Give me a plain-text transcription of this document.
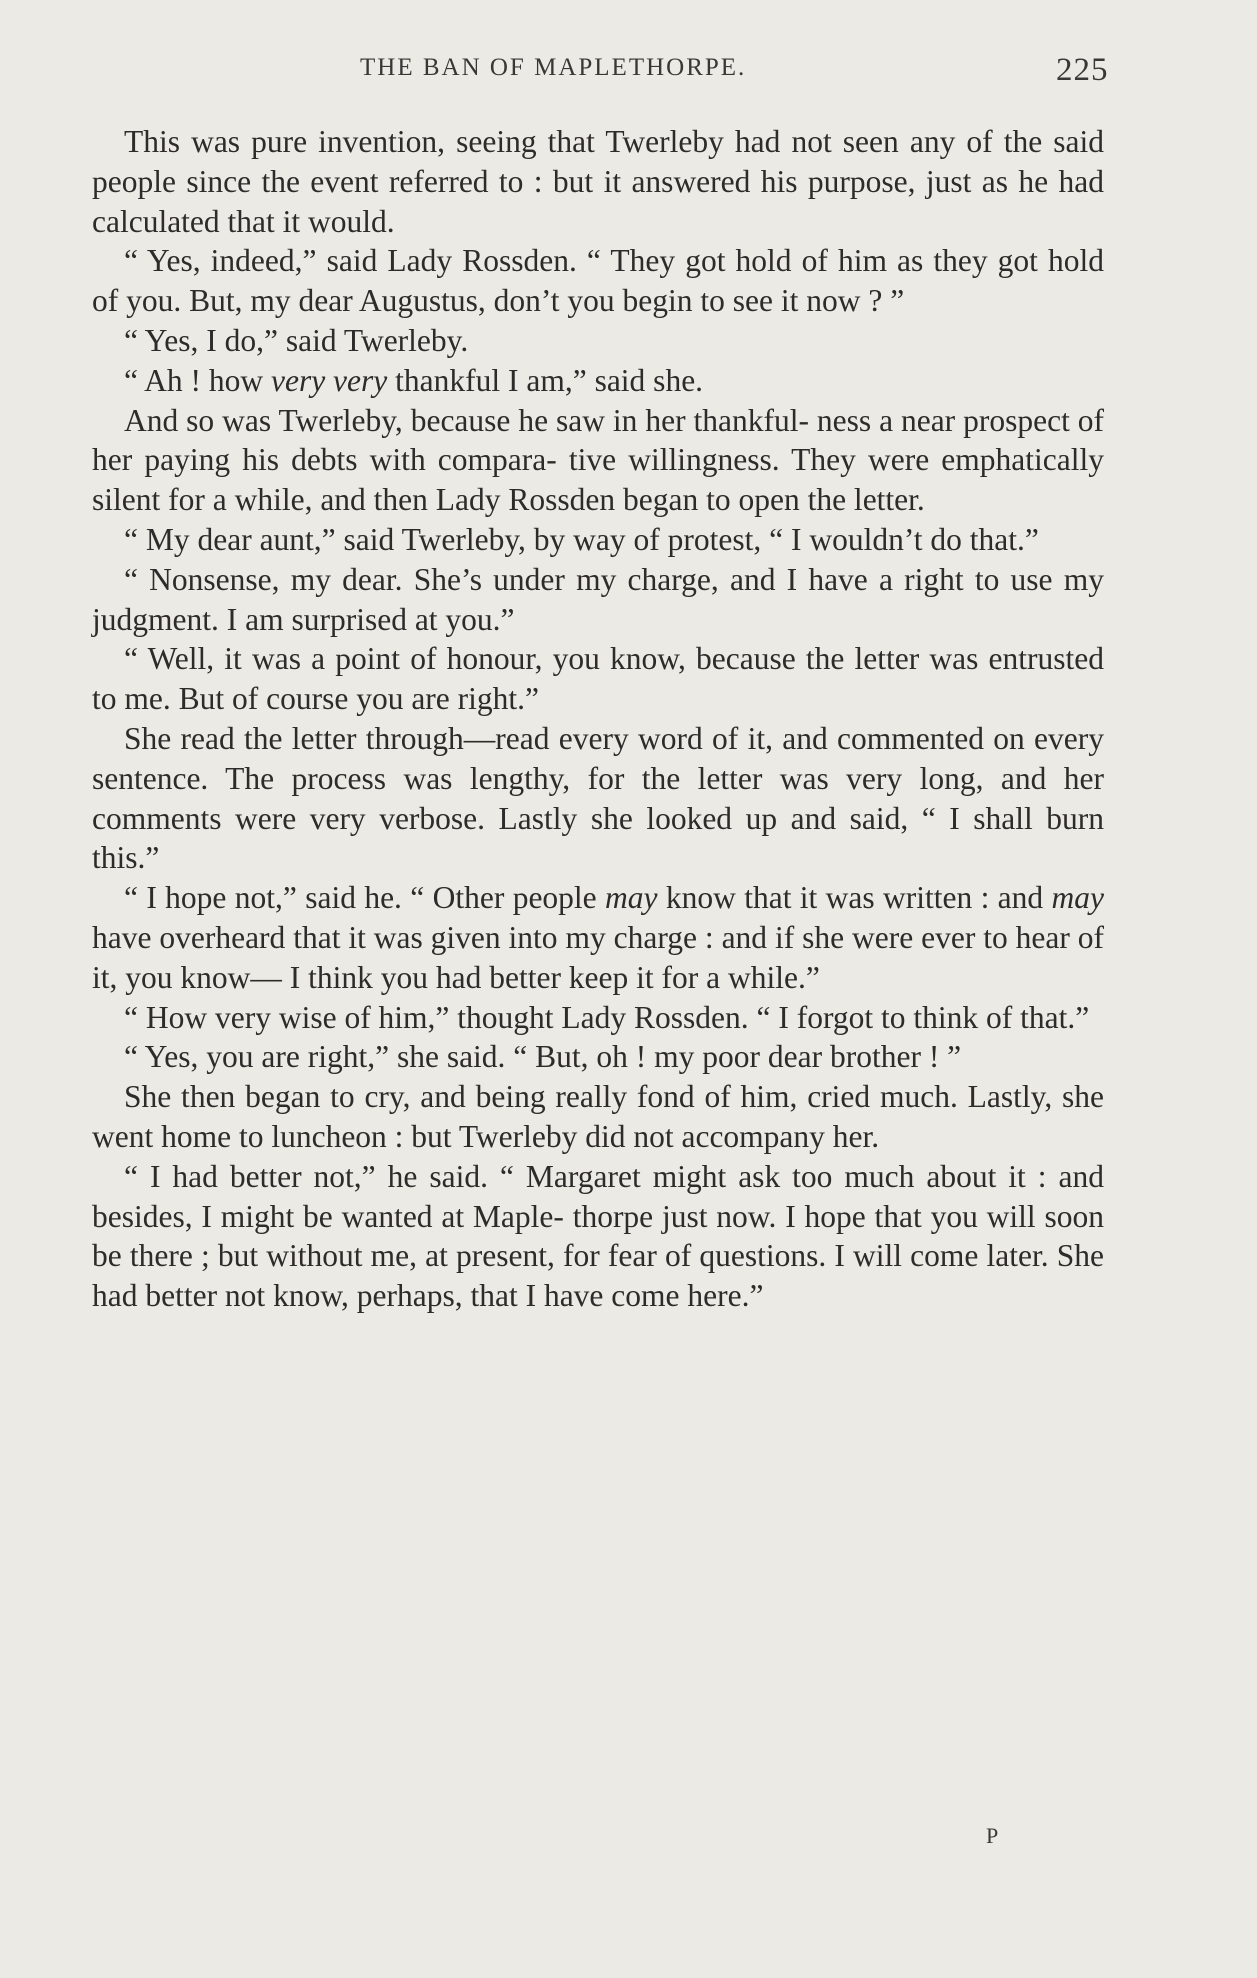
THE BAN OF MAPLETHORPE.	225

This was pure invention, seeing that Twerleby had not seen any of the said people since the event referred to : but it answered his purpose, just as he had calculated that it would.

“ Yes, indeed,” said Lady Rossden. “ They got hold of him as they got hold of you. But, my dear Augustus, don’t you begin to see it now ? ”

“ Yes, I do,” said Twerleby.

“ Ah ! how very very thankful I am,” said she.

And so was Twerleby, because he saw in her thankful- ness a near prospect of her paying his debts with compara- tive willingness. They were emphatically silent for a while, and then Lady Rossden began to open the letter.

“ My dear aunt,” said Twerleby, by way of protest, “ I wouldn’t do that.”

“ Nonsense, my dear. She’s under my charge, and I have a right to use my judgment. I am surprised at you.”

“ Well, it was a point of honour, you know, because the letter was entrusted to me. But of course you are right.”

She read the letter through—read every word of it, and commented on every sentence. The process was lengthy, for the letter was very long, and her comments were very verbose. Lastly she looked up and said, “ I shall burn this.”

“ I hope not,” said he. “ Other people may know that it was written : and may have overheard that it was given into my charge : and if she were ever to hear of it, you know— I think you had better keep it for a while.”

“ How very wise of him,” thought Lady Rossden. “ I forgot to think of that.”

“ Yes, you are right,” she said. “ But, oh ! my poor dear brother ! ”

She then began to cry, and being really fond of him, cried much. Lastly, she went home to luncheon : but Twerleby did not accompany her.

“ I had better not,” he said. “ Margaret might ask too much about it : and besides, I might be wanted at Maple- thorpe just now. I hope that you will soon be there ; but without me, at present, for fear of questions. I will come later. She had better not know, perhaps, that I have come here.”

P
